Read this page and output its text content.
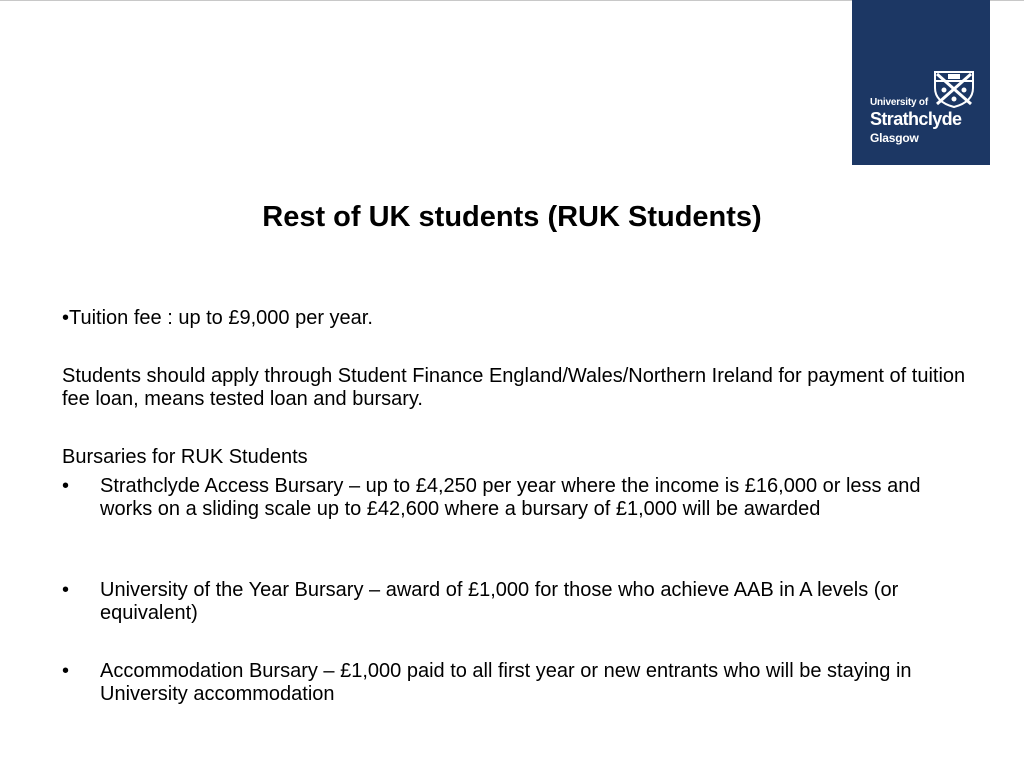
University of
Strathclyde
Glasgow
Rest of UK students (RUK Students)
•Tuition fee : up to £9,000 per year.
Students should apply through Student Finance England/Wales/Northern Ireland for payment of tuition fee loan, means tested loan and bursary.
Bursaries for RUK Students
• Strathclyde Access Bursary – up to £4,250 per year where the income is £16,000 or less and works on a sliding scale up to £42,600 where a bursary of £1,000 will be awarded
• University of the Year Bursary – award of £1,000 for those who achieve AAB in A levels (or equivalent)
• Accommodation Bursary – £1,000 paid to all first year or new entrants who will be staying in University accommodation
